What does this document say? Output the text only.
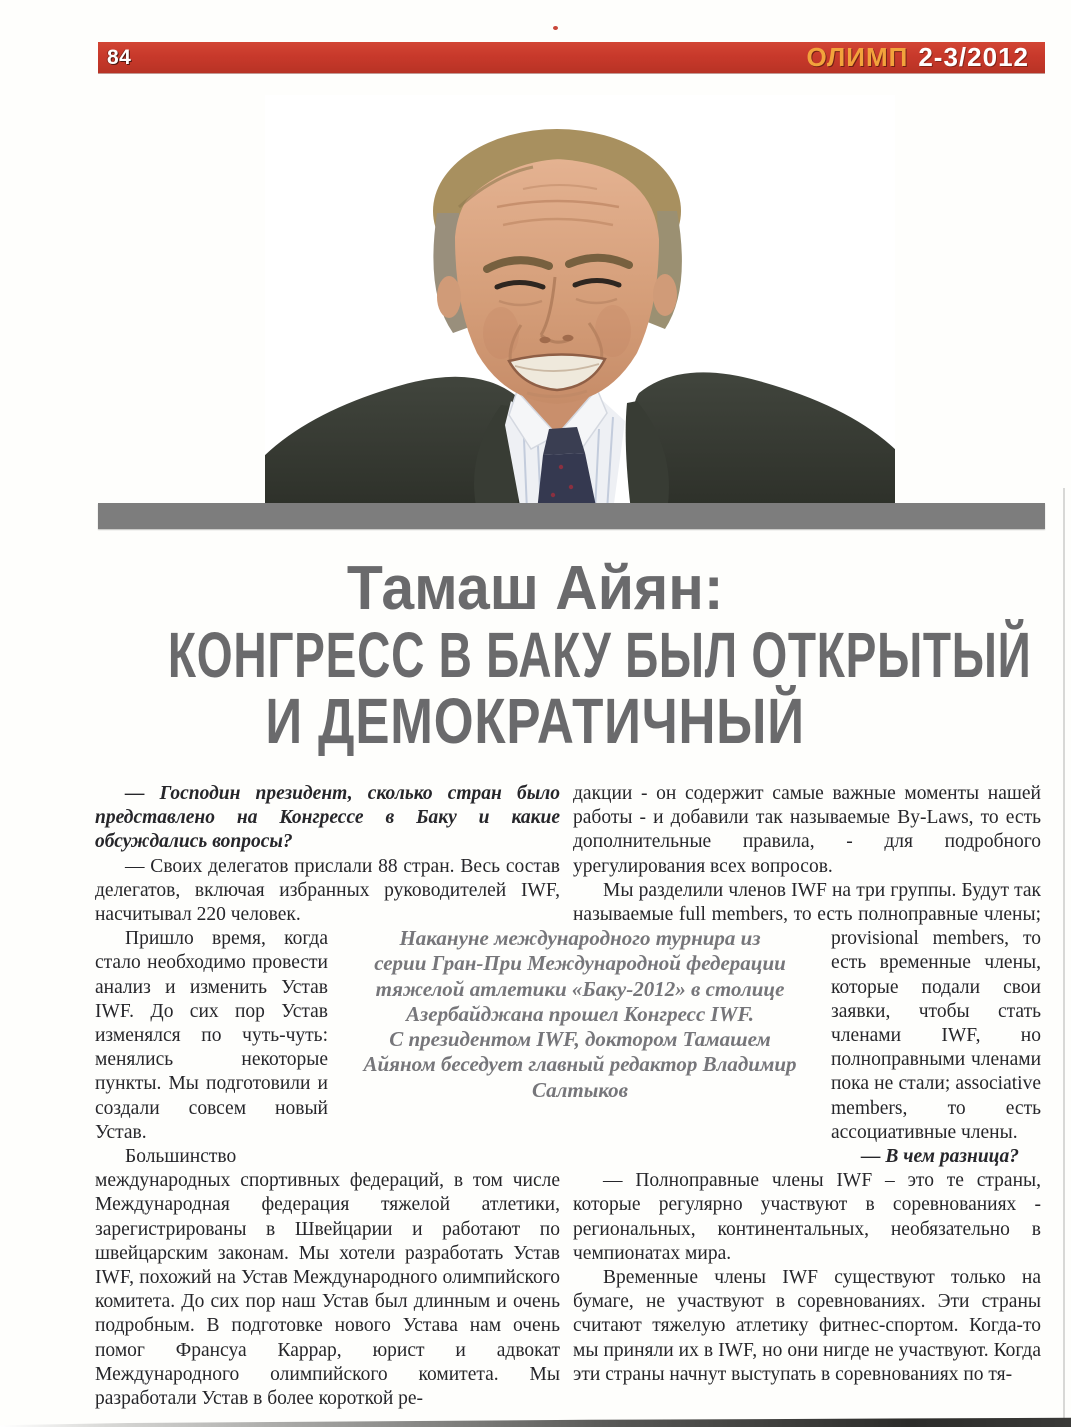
84	ОЛИМП 2-3/2012
Тамаш Айян:
КОНГРЕСС В БАКУ БЫЛ ОТКРЫТЫЙ
И ДЕМОКРАТИЧНЫЙ
Накануне международного турнира из
серии Гран-При Международной федерации
тяжелой атлетики «Баку-2012» в столице
Азербайджана прошел Конгресс IWF.
С президентом IWF, доктором Тамашем
Айяном беседует главный редактор Владимир
Салтыков

— Господин президент, сколько стран было представлено на Конгрессе в Баку и какие обсуждались вопросы?

— Своих делегатов прислали 88 стран. Весь состав делегатов, включая избранных руководителей IWF, насчитывал 220 человек.

Пришло время, когда стало необходимо провести анализ и изменить Устав IWF. До сих пор Устав изменялся по чуть-чуть: менялись некоторые пункты. Мы подготовили и создали совсем новый Устав.

Большинство международных спортивных федераций, в том числе Международная федерация тяжелой атлетики, зарегистрированы в Швейцарии и работают по швейцарским законам. Мы хотели разработать Устав IWF, похожий на Устав Международного олимпийского комитета. До сих пор наш Устав был длинным и очень подробным. В подготовке нового Устава нам очень помог Франсуа Каррар, юрист и адвокат Международного олимпийского комитета. Мы разработали Устав в более короткой ре-

дакции - он содержит самые важные моменты нашей работы - и добавили так называемые By-Laws, то есть дополнительные правила, - для подробного урегулирования всех вопросов.

Мы разделили членов IWF на три группы. Будут так называемые full members, то есть полноправные члены; provisional members, то есть временные члены, которые подали свои заявки, чтобы стать членами IWF, но полноправными членами пока не стали; associative members, то есть ассоциативные члены.

— В чем разница?

— Полноправные члены IWF – это те страны, которые регулярно участвуют в соревнованиях - региональных, континентальных, необязательно в чемпионатах мира.

Временные члены IWF существуют только на бумаге, не участвуют в соревнованиях. Эти страны считают тяжелую атлетику фитнес-спортом. Когда-то мы приняли их в IWF, но они нигде не участвуют. Когда эти страны начнут выступать в соревнованиях по тя-
